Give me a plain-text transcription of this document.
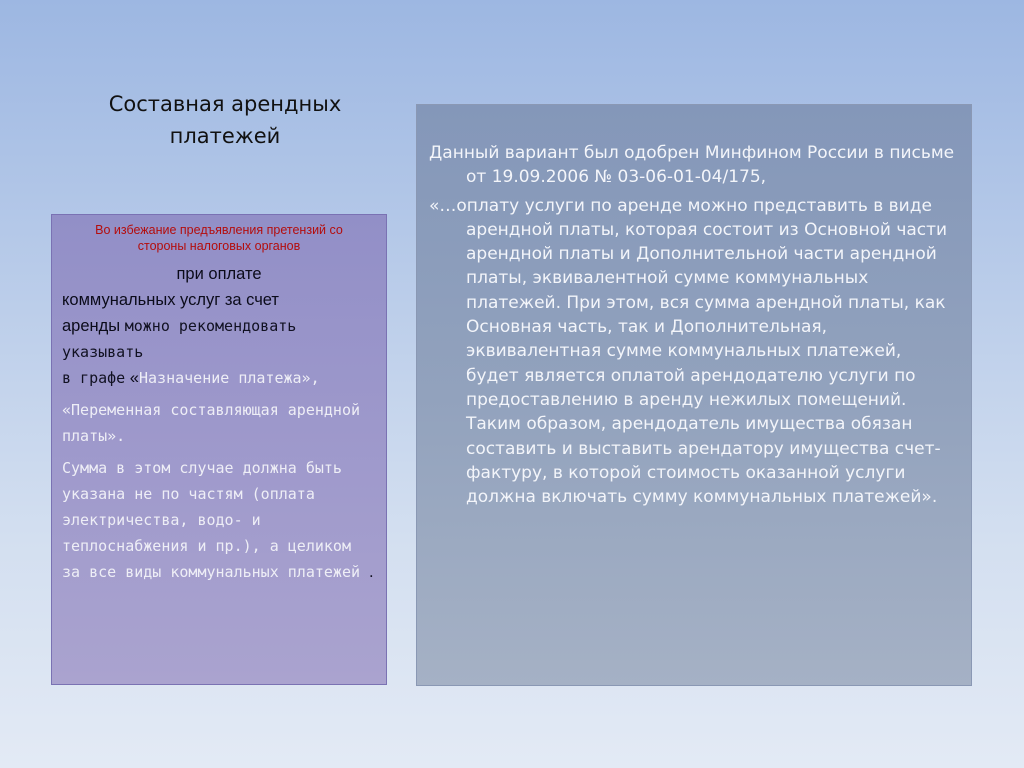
Составная арендных
платежей
Во избежание предъявления претензий со
стороны налоговых органов
при оплате
коммунальных услуг за счет
аренды можно рекомендовать указывать
в графе «Назначение платежа»,
«Переменная составляющая арендной платы».
Сумма в этом случае должна быть указана не по частям (оплата электричества, водо- и теплоснабжения и пр.), а целиком за все виды коммунальных платежей .
Данный вариант был одобрен Минфином России в письме от 19.09.2006 № 03-06-01-04/175,
«…оплату услуги по аренде можно представить в виде арендной платы, которая состоит из Основной части арендной платы и Дополнительной части арендной платы, эквивалентной сумме коммунальных платежей. При этом, вся сумма арендной платы, как Основная часть, так и Дополнительная, эквивалентная сумме коммунальных платежей, будет является оплатой арендодателю услуги по предоставлению в аренду нежилых помещений. Таким образом, арендодатель имущества обязан составить и выставить арендатору имущества счет-фактуру, в которой стоимость оказанной услуги должна включать сумму коммунальных платежей».
